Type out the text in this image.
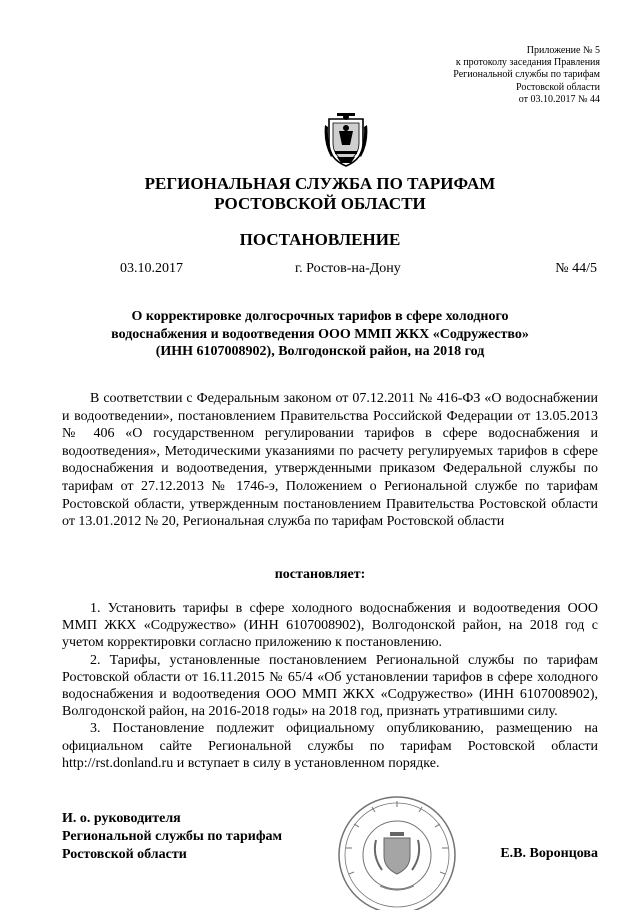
Приложение № 5
к протоколу заседания Правления
Региональной службы по тарифам
Ростовской области
от 03.10.2017 № 44
РЕГИОНАЛЬНАЯ СЛУЖБА ПО ТАРИФАМ
РОСТОВСКОЙ ОБЛАСТИ
ПОСТАНОВЛЕНИЕ
03.10.2017	г. Ростов-на-Дону	№ 44/5
О корректировке долгосрочных тарифов в сфере холодного
водоснабжения и водоотведения ООО ММП ЖКХ «Содружество»
(ИНН 6107008902), Волгодонской район, на 2018 год

В соответствии с Федеральным законом от 07.12.2011 № 416-ФЗ «О водоснабжении и водоотведении», постановлением Правительства Российской Федерации от 13.05.2013 № 406 «О государственном регулировании тарифов в сфере водоснабжения и водоотведения», Методическими указаниями по расчету регулируемых тарифов в сфере водоснабжения и водоотведения, утвержденными приказом Федеральной службы по тарифам от 27.12.2013 № 1746-э, Положением о Региональной службе по тарифам Ростовской области, утвержденным постановлением Правительства Ростовской области от 13.01.2012 № 20, Региональная служба по тарифам Ростовской области

постановляет:

1. Установить тарифы в сфере холодного водоснабжения и водоотведения ООО ММП ЖКХ «Содружество» (ИНН 6107008902), Волгодонской район, на 2018 год с учетом корректировки согласно приложению к постановлению.

2. Тарифы, установленные постановлением Региональной службы по тарифам Ростовской области от 16.11.2015 № 65/4 «Об установлении тарифов в сфере холодного водоснабжения и водоотведения ООО ММП ЖКХ «Содружество» (ИНН 6107008902), Волгодонской район, на 2016-2018 годы» на 2018 год, признать утратившими силу.

3. Постановление подлежит официальному опубликованию, размещению на официальном сайте Региональной службы по тарифам Ростовской области http://rst.donland.ru и вступает в силу в установленном порядке.

И. о. руководителя
Региональной службы по тарифам
Ростовской области	Е.В. Воронцова
